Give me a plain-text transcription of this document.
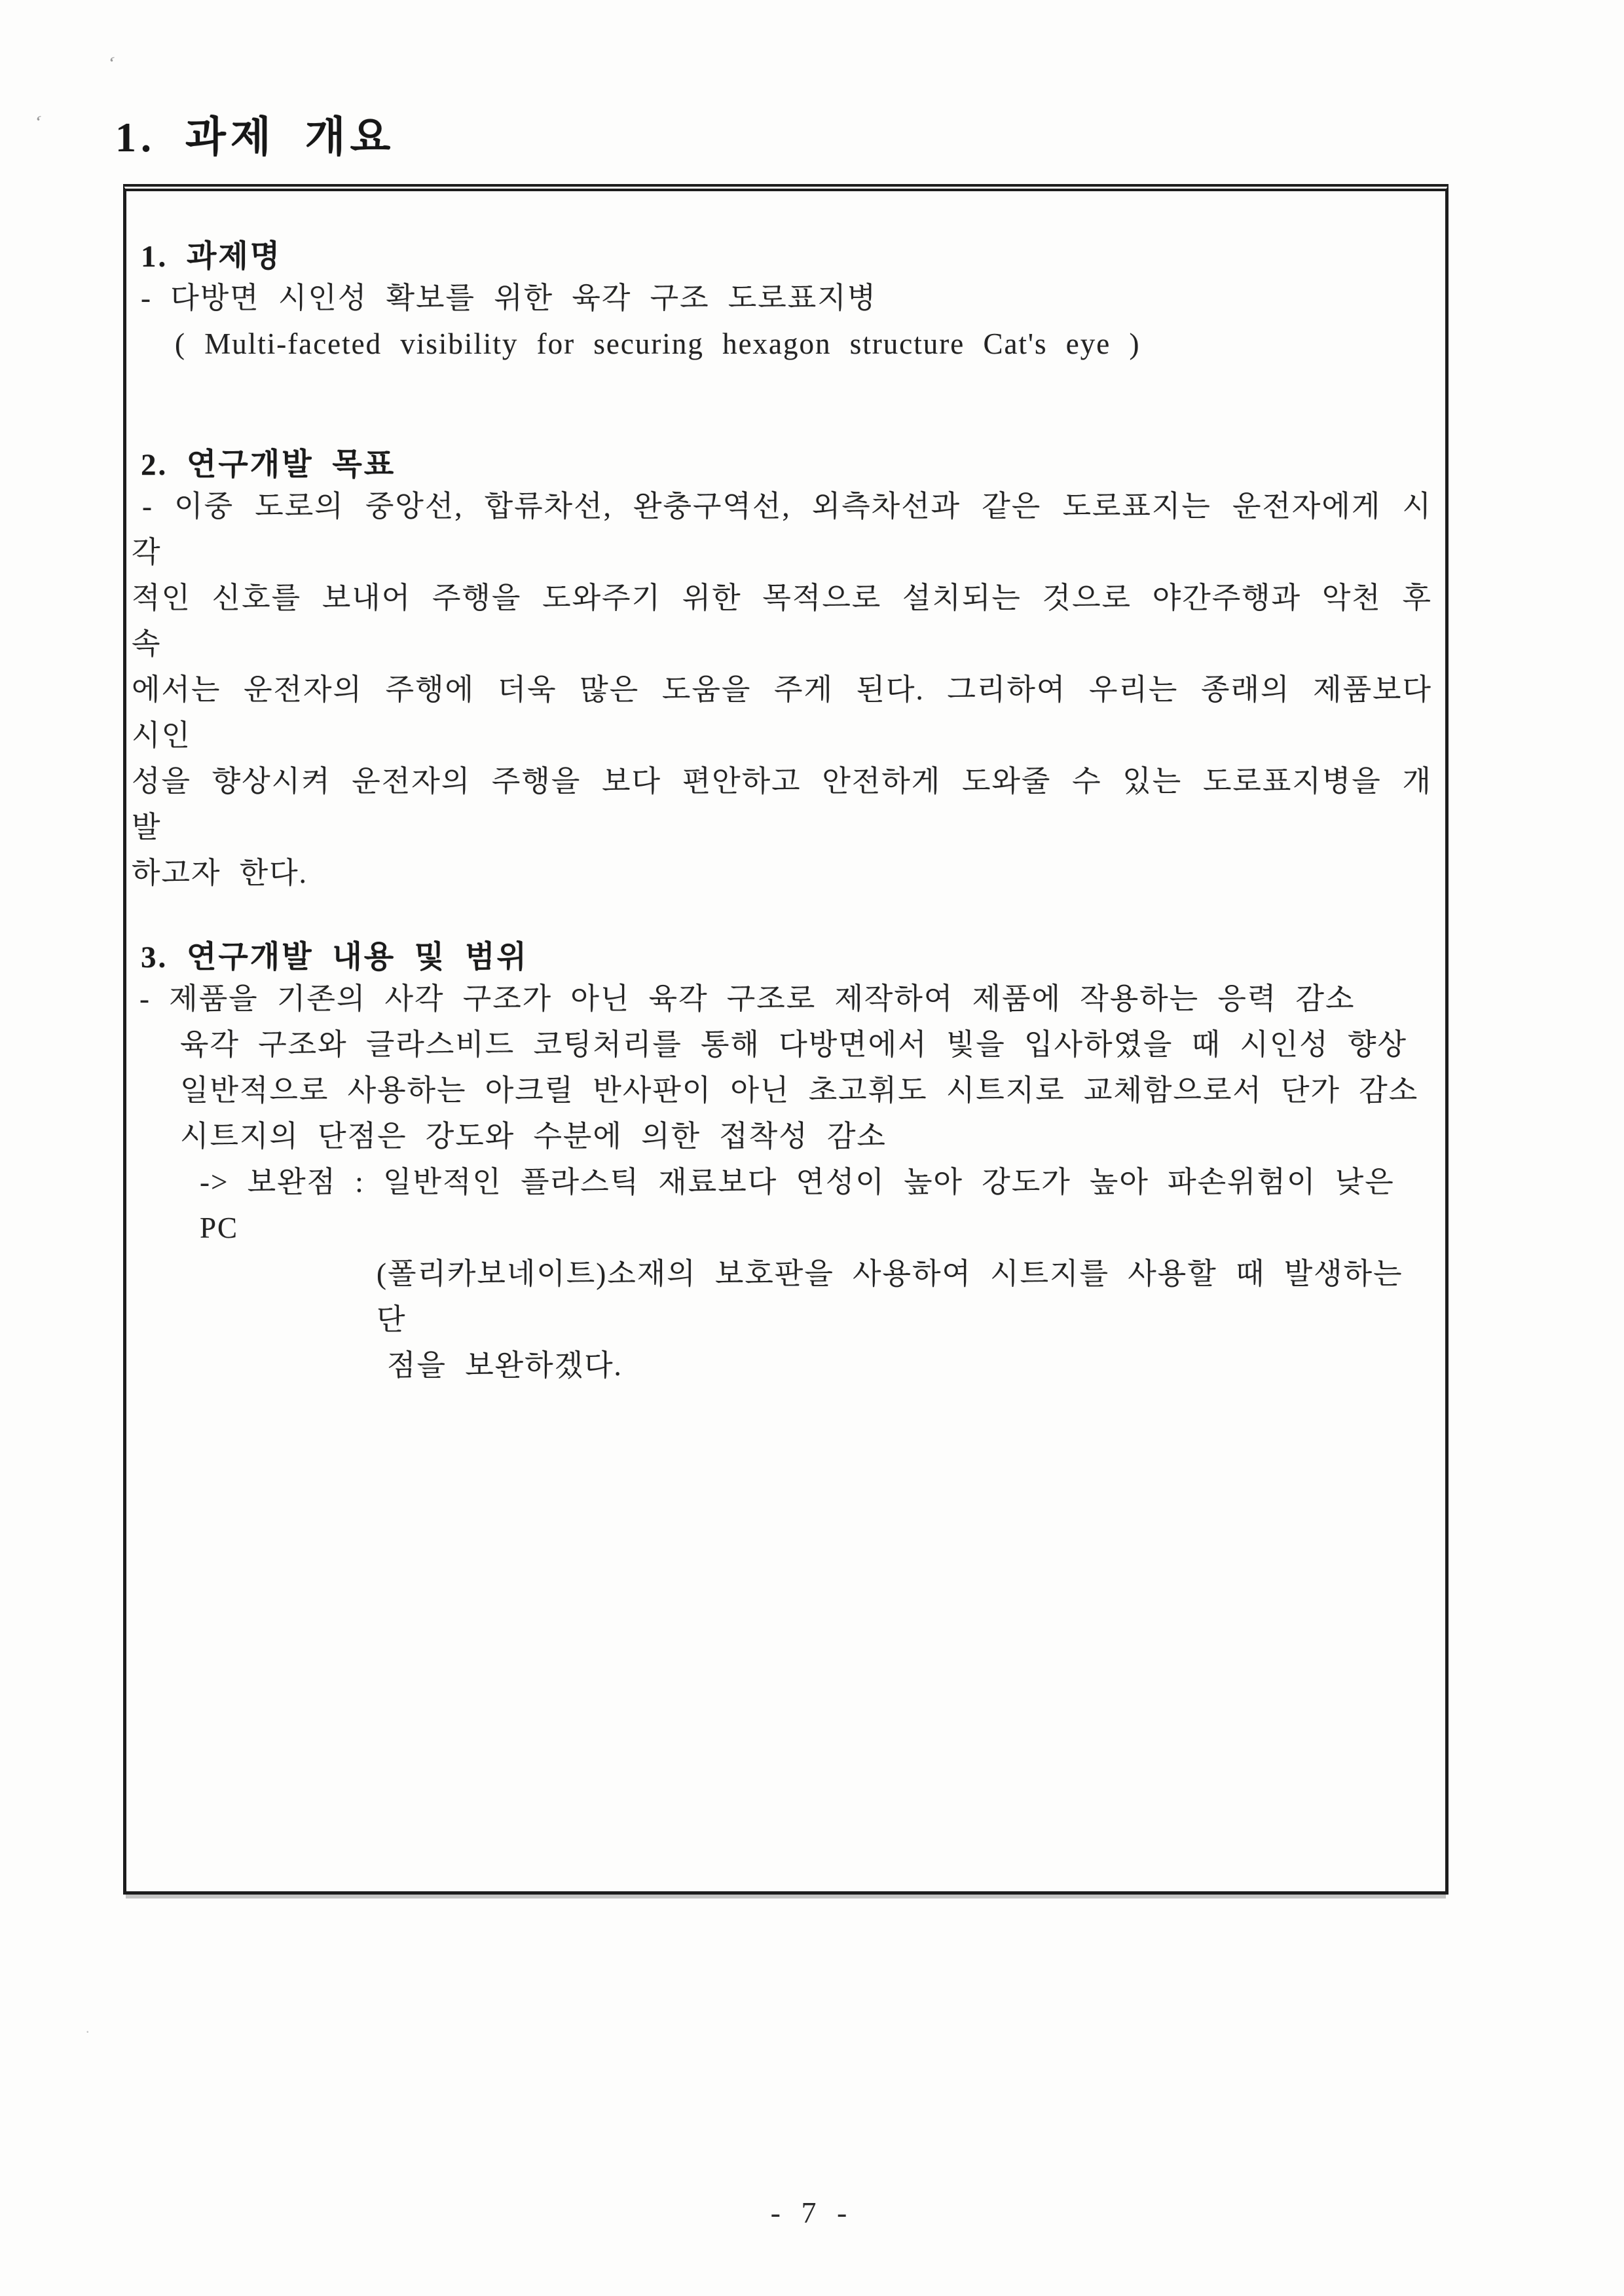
1. 과제 개요
1. 과제명

- 다방면 시인성 확보를 위한 육각 구조 도로표지병

( Multi-faceted visibility for securing hexagon structure Cat's eye )

2. 연구개발 목표

- 이중 도로의 중앙선, 합류차선, 완충구역선, 외측차선과 같은 도로표지는 운전자에게 시각

적인 신호를 보내어 주행을 도와주기 위한 목적으로 설치되는 것으로 야간주행과 악천 후 속

에서는 운전자의 주행에 더욱 많은 도움을 주게 된다. 그리하여 우리는 종래의 제품보다 시인

성을 향상시켜 운전자의 주행을 보다 편안하고 안전하게 도와줄 수 있는 도로표지병을 개발

하고자 한다.

3. 연구개발 내용 및 범위

- 제품을 기존의 사각 구조가 아닌 육각 구조로 제작하여 제품에 작용하는 응력 감소

육각 구조와 글라스비드 코팅처리를 통해 다방면에서 빛을 입사하였을 때 시인성 향상

일반적으로 사용하는 아크릴 반사판이 아닌 초고휘도 시트지로 교체함으로서 단가 감소

시트지의 단점은 강도와 수분에 의한 접착성 감소

-> 보완점 : 일반적인 플라스틱 재료보다 연성이 높아 강도가 높아 파손위험이 낮은 PC

(폴리카보네이트)소재의 보호판을 사용하여 시트지를 사용할 때 발생하는 단

점을 보완하겠다.

- 7 -
ʻ
ʻ
·
